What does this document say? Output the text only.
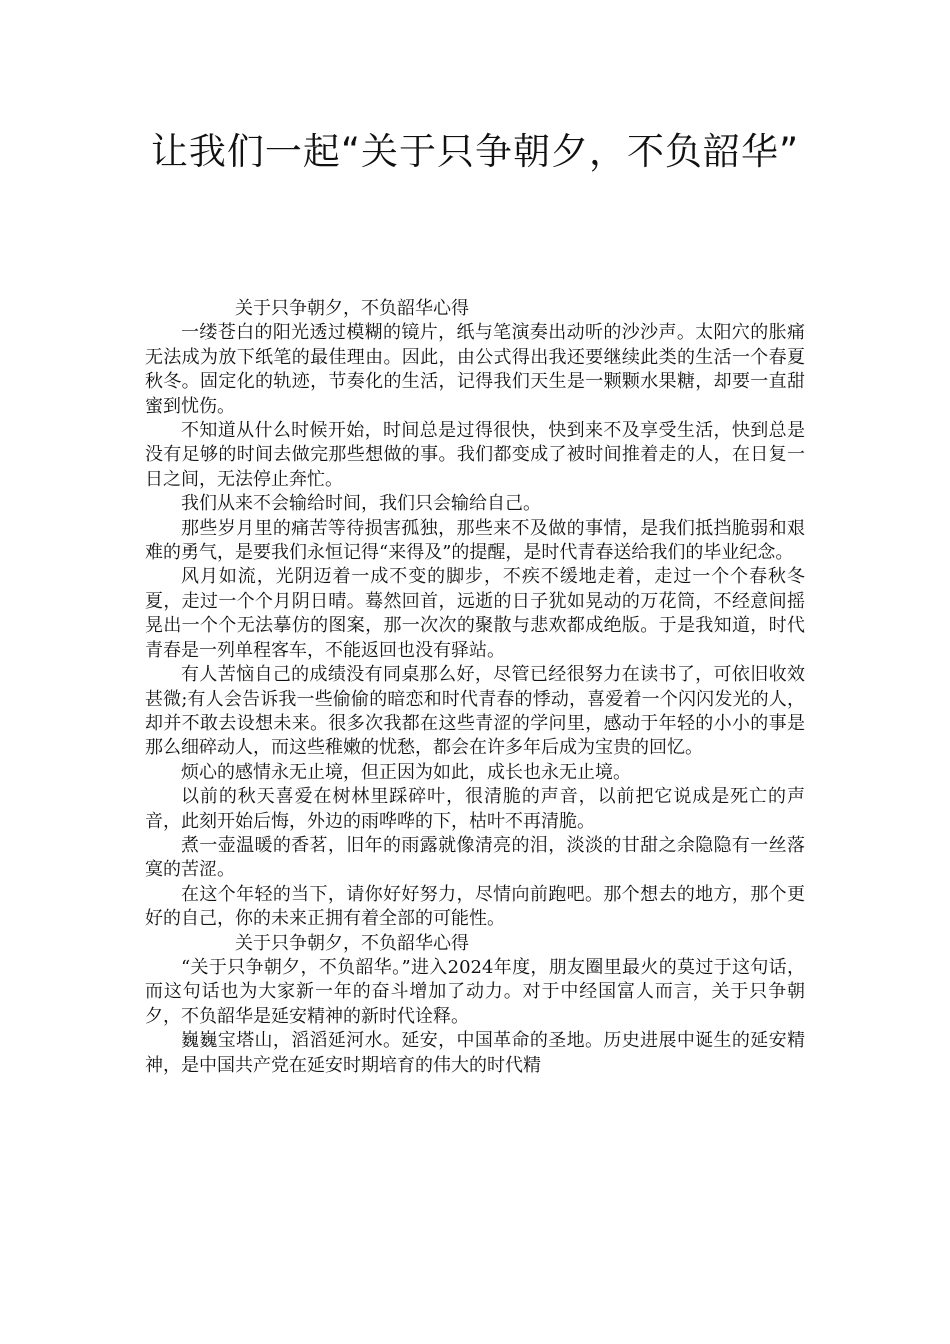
让我们一起“关于只争朝夕，不负韶华”

关于只争朝夕，不负韶华心得

一缕苍白的阳光透过模糊的镜片，纸与笔演奏出动听的沙沙声。太阳穴的胀痛无法成为放下纸笔的最佳理由。因此，由公式得出我还要继续此类的生活一个春夏秋冬。固定化的轨迹，节奏化的生活，记得我们天生是一颗颗水果糖，却要一直甜蜜到忧伤。

不知道从什么时候开始，时间总是过得很快，快到来不及享受生活，快到总是没有足够的时间去做完那些想做的事。我们都变成了被时间推着走的人，在日复一日之间，无法停止奔忙。

我们从来不会输给时间，我们只会输给自己。

那些岁月里的痛苦等待损害孤独，那些来不及做的事情，是我们抵挡脆弱和艰难的勇气，是要我们永恒记得“来得及”的提醒，是时代青春送给我们的毕业纪念。

风月如流，光阴迈着一成不变的脚步，不疾不缓地走着，走过一个个春秋冬夏，走过一个个月阴日晴。蓦然回首，远逝的日子犹如晃动的万花筒，不经意间摇晃出一个个无法摹仿的图案，那一次次的聚散与悲欢都成绝版。于是我知道，时代青春是一列单程客车，不能返回也没有驿站。

有人苦恼自己的成绩没有同桌那么好，尽管已经很努力在读书了，可依旧收效甚微;有人会告诉我一些偷偷的暗恋和时代青春的悸动，喜爱着一个闪闪发光的人，却并不敢去设想未来。很多次我都在这些青涩的学问里，感动于年轻的小小的事是那么细碎动人，而这些稚嫩的忧愁，都会在许多年后成为宝贵的回忆。

烦心的感情永无止境，但正因为如此，成长也永无止境。

以前的秋天喜爱在树林里踩碎叶，很清脆的声音，以前把它说成是死亡的声音，此刻开始后悔，外边的雨哗哗的下，枯叶不再清脆。

煮一壶温暖的香茗，旧年的雨露就像清亮的泪，淡淡的甘甜之余隐隐有一丝落寞的苦涩。

在这个年轻的当下，请你好好努力，尽情向前跑吧。那个想去的地方，那个更好的自己，你的未来正拥有着全部的可能性。

关于只争朝夕，不负韶华心得

“关于只争朝夕，不负韶华。”进入2024年度，朋友圈里最火的莫过于这句话，而这句话也为大家新一年的奋斗增加了动力。对于中经国富人而言，关于只争朝夕，不负韶华是延安精神的新时代诠释。

巍巍宝塔山，滔滔延河水。延安，中国革命的圣地。历史进展中诞生的延安精神，是中国共产党在延安时期培育的伟大的时代精
